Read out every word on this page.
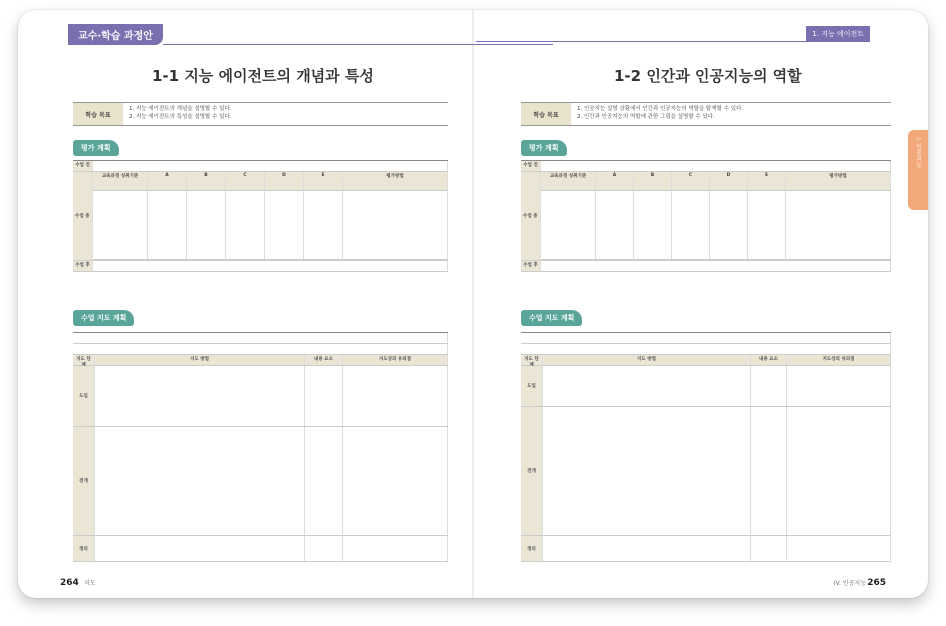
교수·학습 과정안
1-1 지능 에이전트의 개념과 특성
학습 목표
1. 지능 에이전트의 개념을 설명할 수 있다.
2. 지능 에이전트의 특성을 설명할 수 있다.
평가 계획
수업 전
수업 중
교육과정 성취기준	A	B	C	D	E	평가방법
수업 후
수업 지도 계획
지도 단	지도 방법	내용 요소	지도상의 유의점
도입
전개
정리
264 지도
1. 지능 에이전트
1-2 인간과 인공지능의 역할
학습 목표
1. 인공지능 설명 상황에서 인간과 인공지능의 역할을 탐색할 수 있다.
2. 인간과 인공지능의 역할에 관한 그림을 설명할 수 있다.
평가 계획
수업 전
수업 중
교육과정 성취기준	A	B	C	D	E	평가방법
수업 후
수업 지도 계획
지도 단	지도 방법	내용 요소	지도상의 유의점
도입
전개
정리
IV. 인공지능 265
I. 인공지능
